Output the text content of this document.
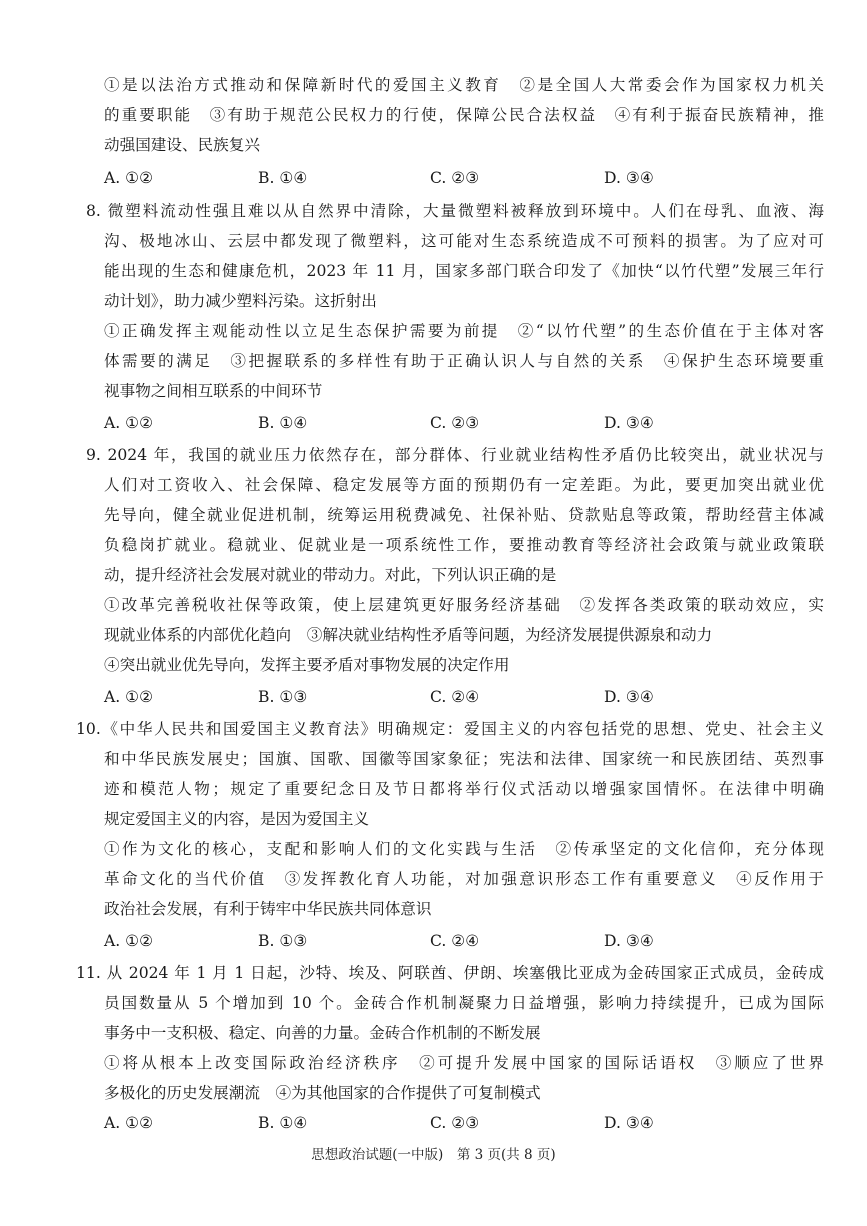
①是以法治方式推动和保障新时代的爱国主义教育　②是全国人大常委会作为国家权力机关
的重要职能　③有助于规范公民权力的行使，保障公民合法权益　④有利于振奋民族精神，推
动强国建设、民族复兴
A. ①②	B. ①④	C. ②③	D. ③④
8. 微塑料流动性强且难以从自然界中清除，大量微塑料被释放到环境中。人们在母乳、血液、海
沟、极地冰山、云层中都发现了微塑料，这可能对生态系统造成不可预料的损害。为了应对可
能出现的生态和健康危机，2023 年 11 月，国家多部门联合印发了《加快“以竹代塑”发展三年行
动计划》，助力减少塑料污染。这折射出
①正确发挥主观能动性以立足生态保护需要为前提　②“以竹代塑”的生态价值在于主体对客
体需要的满足　③把握联系的多样性有助于正确认识人与自然的关系　④保护生态环境要重
视事物之间相互联系的中间环节
A. ①②	B. ①④	C. ②③	D. ③④
9. 2024 年，我国的就业压力依然存在，部分群体、行业就业结构性矛盾仍比较突出，就业状况与
人们对工资收入、社会保障、稳定发展等方面的预期仍有一定差距。为此，要更加突出就业优
先导向，健全就业促进机制，统筹运用税费减免、社保补贴、贷款贴息等政策，帮助经营主体减
负稳岗扩就业。稳就业、促就业是一项系统性工作，要推动教育等经济社会政策与就业政策联
动，提升经济社会发展对就业的带动力。对此，下列认识正确的是
①改革完善税收社保等政策，使上层建筑更好服务经济基础　②发挥各类政策的联动效应，实
现就业体系的内部优化趋向　③解决就业结构性矛盾等问题，为经济发展提供源泉和动力
④突出就业优先导向，发挥主要矛盾对事物发展的决定作用
A. ①②	B. ①③	C. ②④	D. ③④
10.《中华人民共和国爱国主义教育法》明确规定：爱国主义的内容包括党的思想、党史、社会主义
和中华民族发展史；国旗、国歌、国徽等国家象征；宪法和法律、国家统一和民族团结、英烈事
迹和模范人物；规定了重要纪念日及节日都将举行仪式活动以增强家国情怀。在法律中明确
规定爱国主义的内容，是因为爱国主义
①作为文化的核心，支配和影响人们的文化实践与生活　②传承坚定的文化信仰，充分体现
革命文化的当代价值　③发挥教化育人功能，对加强意识形态工作有重要意义　④反作用于
政治社会发展，有利于铸牢中华民族共同体意识
A. ①②	B. ①③	C. ②④	D. ③④
11. 从 2024 年 1 月 1 日起，沙特、埃及、阿联酋、伊朗、埃塞俄比亚成为金砖国家正式成员，金砖成
员国数量从 5 个增加到 10 个。金砖合作机制凝聚力日益增强，影响力持续提升，已成为国际
事务中一支积极、稳定、向善的力量。金砖合作机制的不断发展
①将从根本上改变国际政治经济秩序　②可提升发展中国家的国际话语权　③顺应了世界
多极化的历史发展潮流　④为其他国家的合作提供了可复制模式
A. ①②	B. ①④	C. ②③	D. ③④
思想政治试题(一中版)　第 3 页(共 8 页)
